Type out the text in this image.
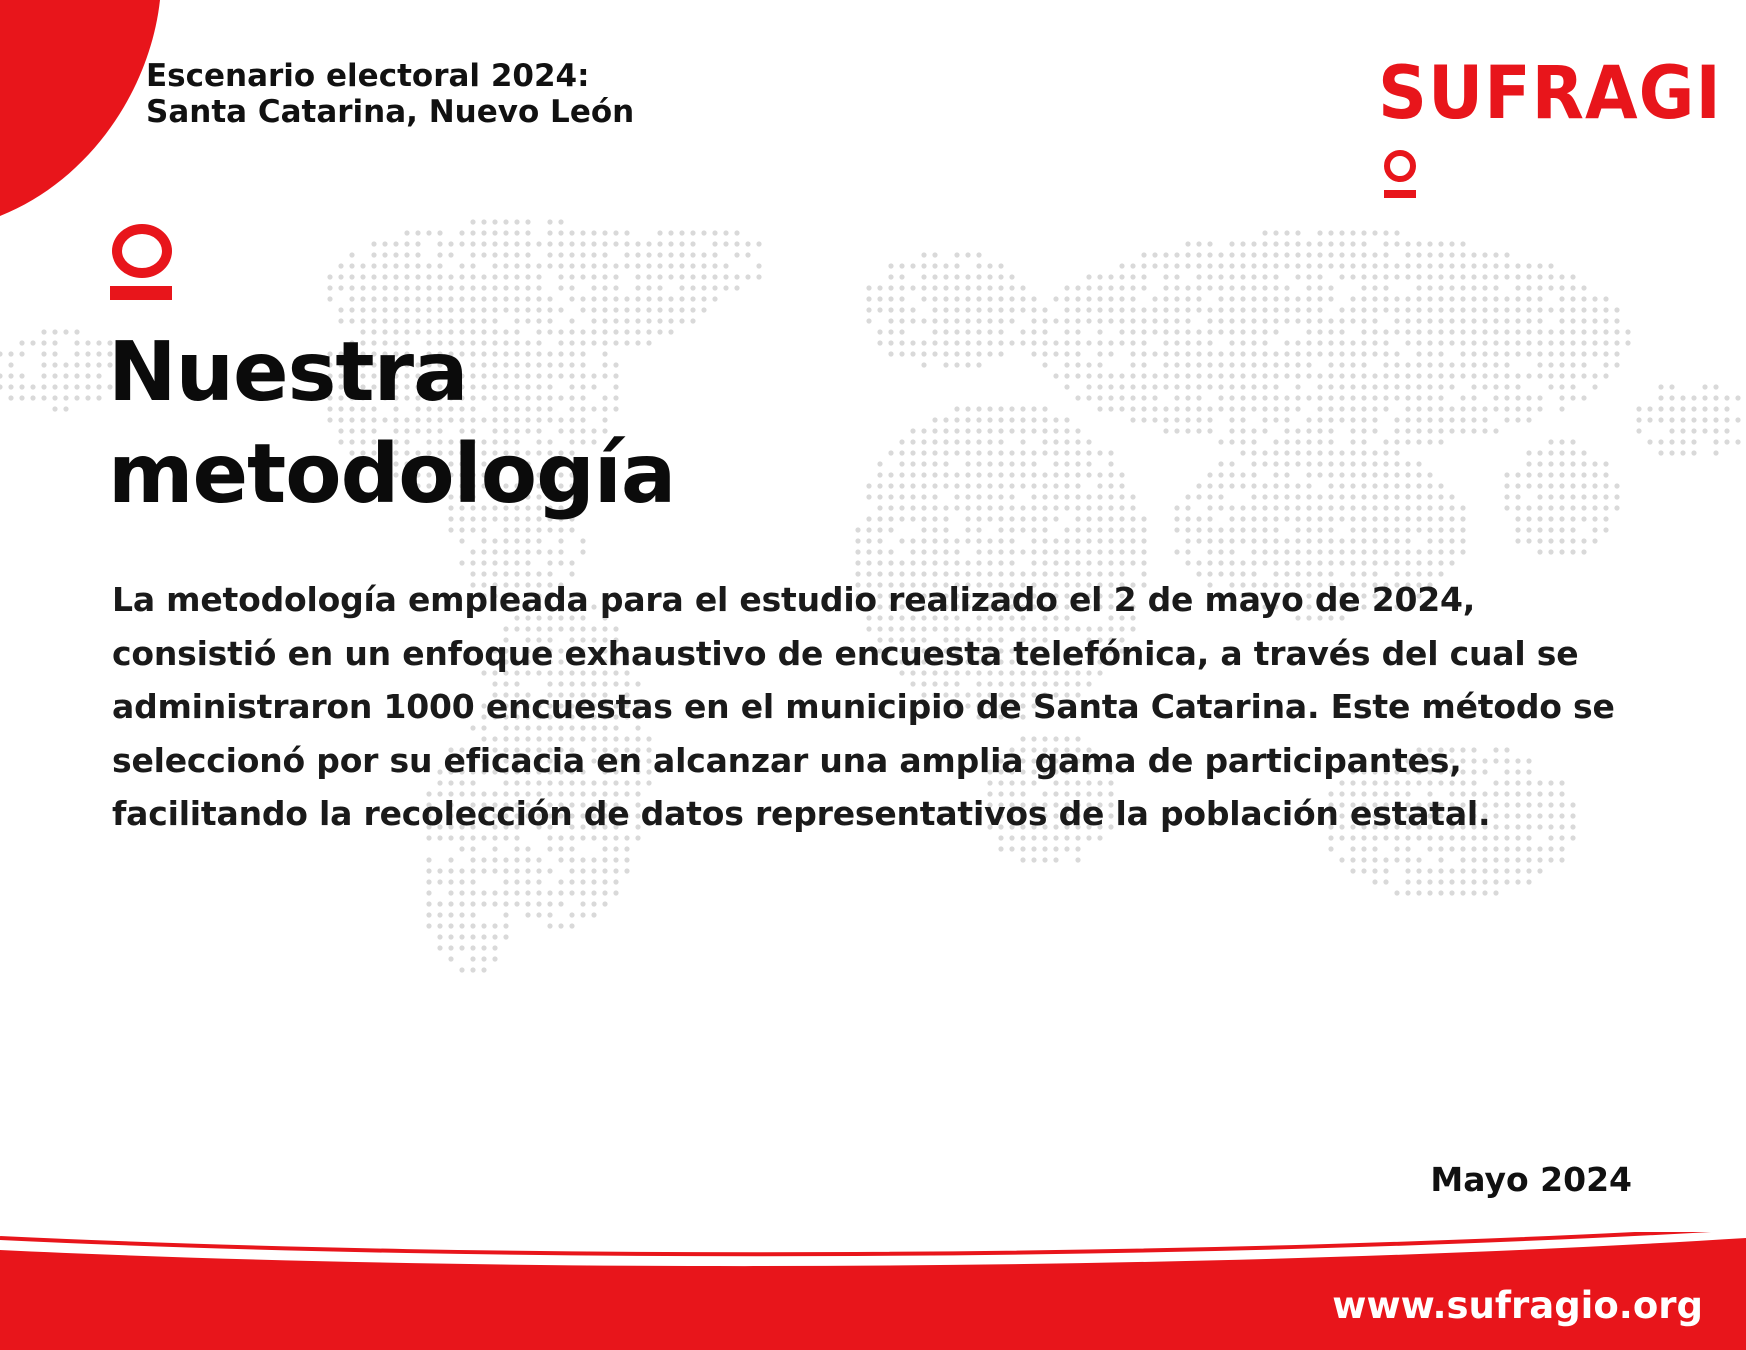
Escenario electoral 2024:
Santa Catarina, Nuevo León	SUFRAGI
Nuestra
metodología

La metodología empleada para el estudio realizado el 2 de mayo de 2024, consistió en un enfoque exhaustivo de encuesta telefónica, a través del cual se administraron 1000 encuestas en el municipio de Santa Catarina. Este método se seleccionó por su eficacia en alcanzar una amplia gama de participantes, facilitando la recolección de datos representativos de la población estatal.

Mayo 2024
www.sufragio.org
